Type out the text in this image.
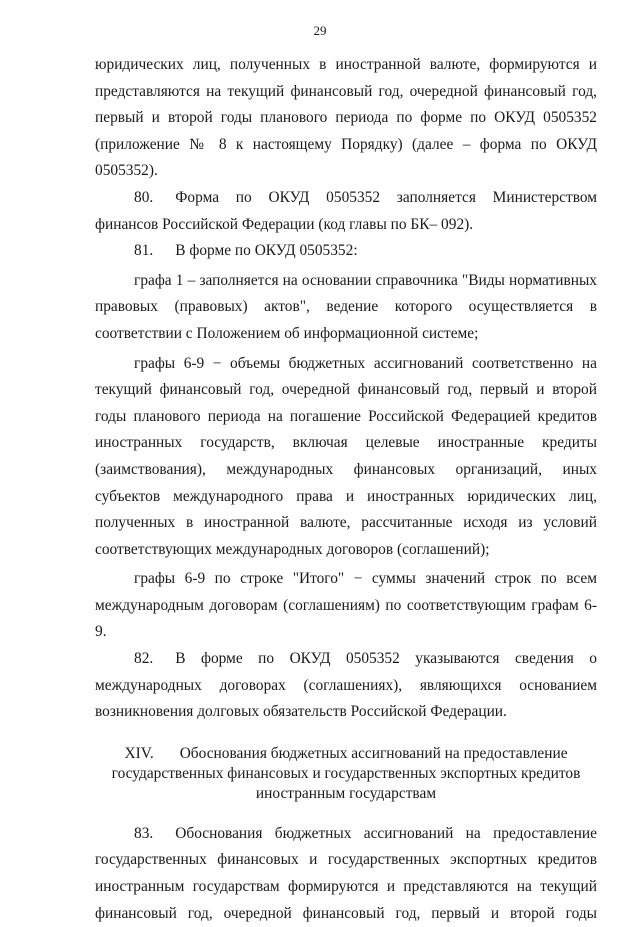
29

юридических лиц, полученных в иностранной валюте, формируются и представляются на текущий финансовый год, очередной финансовый год, первый и второй годы планового периода по форме по ОКУД 0505352 (приложение № 8 к настоящему Порядку) (далее – форма по ОКУД 0505352).

80. Форма по ОКУД 0505352 заполняется Министерством финансов Российской Федерации (код главы по БК– 092).

81. В форме по ОКУД 0505352:

графа 1 – заполняется на основании справочника "Виды нормативных правовых (правовых) актов", ведение которого осуществляется в соответствии с Положением об информационной системе;

графы 6-9 − объемы бюджетных ассигнований соответственно на текущий финансовый год, очередной финансовый год, первый и второй годы планового периода на погашение Российской Федерацией кредитов иностранных государств, включая целевые иностранные кредиты (заимствования), международных финансовых организаций, иных субъектов международного права и иностранных юридических лиц, полученных в иностранной валюте, рассчитанные исходя из условий соответствующих международных договоров (соглашений);

графы 6-9 по строке "Итого" − суммы значений строк по всем международным договорам (соглашениям) по соответствующим графам 6-9.

82. В форме по ОКУД 0505352 указываются сведения о международных договорах (соглашениях), являющихся основанием возникновения долговых обязательств Российской Федерации.

XIV. Обоснования бюджетных ассигнований на предоставление государственных финансовых и государственных экспортных кредитов иностранным государствам

83. Обоснования бюджетных ассигнований на предоставление государственных финансовых и государственных экспортных кредитов иностранным государствам формируются и представляются на текущий финансовый год, очередной финансовый год, первый и второй годы
